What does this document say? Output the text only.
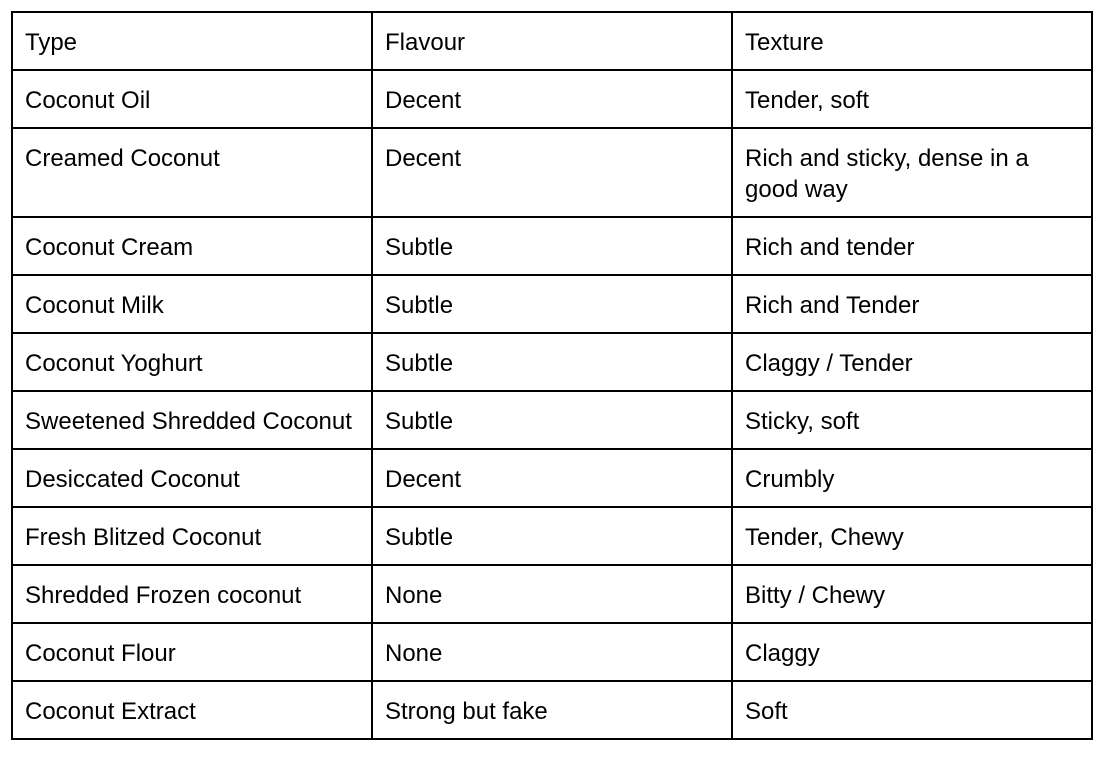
Type	Flavour	Texture
Coconut Oil	Decent	Tender, soft
Creamed Coconut	Decent	Rich and sticky, dense in a good way
Coconut Cream	Subtle	Rich and tender
Coconut Milk	Subtle	Rich and Tender
Coconut Yoghurt	Subtle	Claggy / Tender
Sweetened Shredded Coconut	Subtle	Sticky, soft
Desiccated Coconut	Decent	Crumbly
Fresh Blitzed Coconut	Subtle	Tender, Chewy
Shredded Frozen coconut	None	Bitty / Chewy
Coconut Flour	None	Claggy
Coconut Extract	Strong but fake	Soft
